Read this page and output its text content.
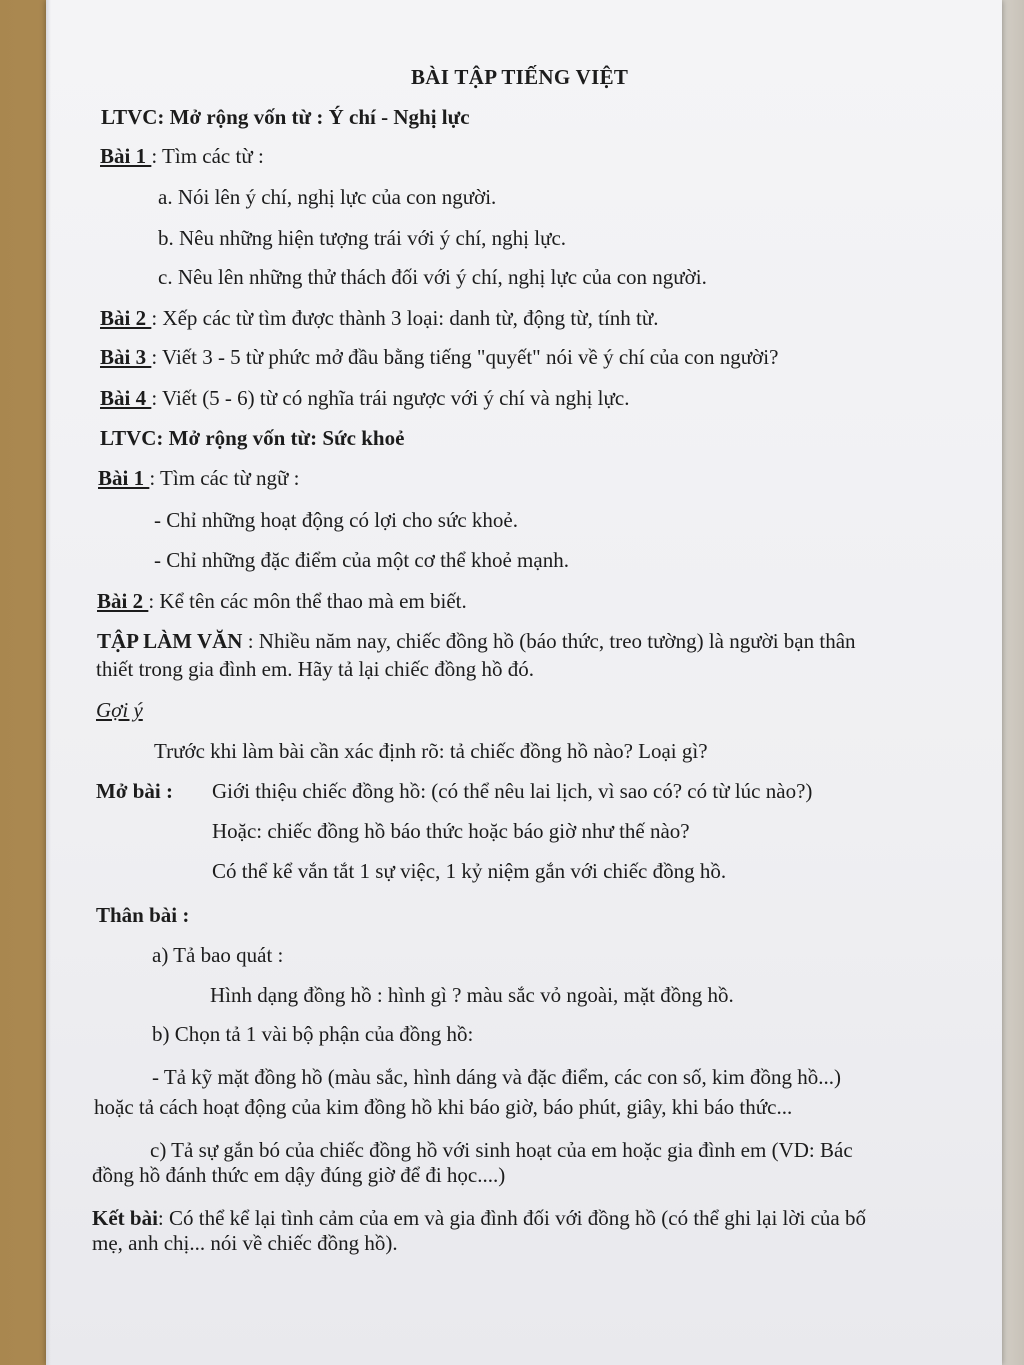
BÀI TẬP TIẾNG VIỆT
LTVC: Mở rộng vốn từ : Ý chí - Nghị lực
Bài 1 : Tìm các từ :
a. Nói lên ý chí, nghị lực của con người.
b. Nêu những hiện tượng trái với ý chí, nghị lực.
c. Nêu lên những thử thách đối với ý chí, nghị lực của con người.
Bài 2 : Xếp các từ tìm được thành 3 loại: danh từ, động từ, tính từ.
Bài 3 : Viết 3 - 5 từ phức mở đầu bằng tiếng "quyết" nói về ý chí của con người?
Bài 4 : Viết (5 - 6) từ có nghĩa trái ngược với ý chí và nghị lực.
LTVC: Mở rộng vốn từ: Sức khoẻ
Bài 1 : Tìm các từ ngữ :
- Chỉ những hoạt động có lợi cho sức khoẻ.
- Chỉ những đặc điểm của một cơ thể khoẻ mạnh.
Bài 2 : Kể tên các môn thể thao mà em biết.
TẬP LÀM VĂN : Nhiều năm nay, chiếc đồng hồ (báo thức, treo tường) là người bạn thân
thiết trong gia đình em. Hãy tả lại chiếc đồng hồ đó.
Gợi ý
Trước khi làm bài cần xác định rõ: tả chiếc đồng hồ nào? Loại gì?
Mở bài : Giới thiệu chiếc đồng hồ: (có thể nêu lai lịch, vì sao có? có từ lúc nào?)
Hoặc: chiếc đồng hồ báo thức hoặc báo giờ như thế nào?
Có thể kể vắn tắt 1 sự việc, 1 kỷ niệm gắn với chiếc đồng hồ.
Thân bài :
a) Tả bao quát :
Hình dạng đồng hồ : hình gì ? màu sắc vỏ ngoài, mặt đồng hồ.
b) Chọn tả 1 vài bộ phận của đồng hồ:
- Tả kỹ mặt đồng hồ (màu sắc, hình dáng và đặc điểm, các con số, kim đồng hồ...)
hoặc tả cách hoạt động của kim đồng hồ khi báo giờ, báo phút, giây, khi báo thức...
c) Tả sự gắn bó của chiếc đồng hồ với sinh hoạt của em hoặc gia đình em (VD: Bác
đồng hồ đánh thức em dậy đúng giờ để đi học....)
Kết bài: Có thể kể lại tình cảm của em và gia đình đối với đồng hồ (có thể ghi lại lời của bố
mẹ, anh chị... nói về chiếc đồng hồ).
